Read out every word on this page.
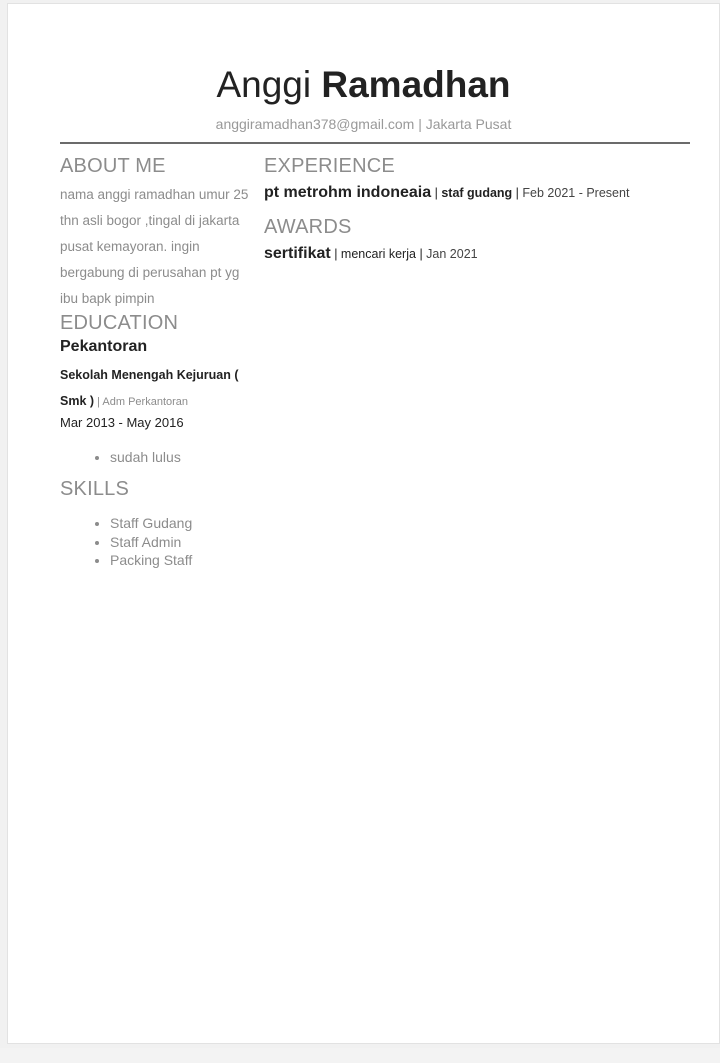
Anggi Ramadhan
anggiramadhan378@gmail.com | Jakarta Pusat
ABOUT ME
nama anggi ramadhan umur 25 thn asli bogor ,tingal di jakarta pusat kemayoran. ingin bergabung di perusahan pt yg ibu bapk pimpin
EDUCATION
Pekantoran
Sekolah Menengah Kejuruan ( Smk ) | Adm Perkantoran
Mar 2013 - May 2016
• sudah lulus
SKILLS
• Staff Gudang
• Staff Admin
• Packing Staff
EXPERIENCE
pt metrohm indoneaia | staf gudang | Feb 2021 - Present
AWARDS
sertifikat | mencari kerja | Jan 2021
